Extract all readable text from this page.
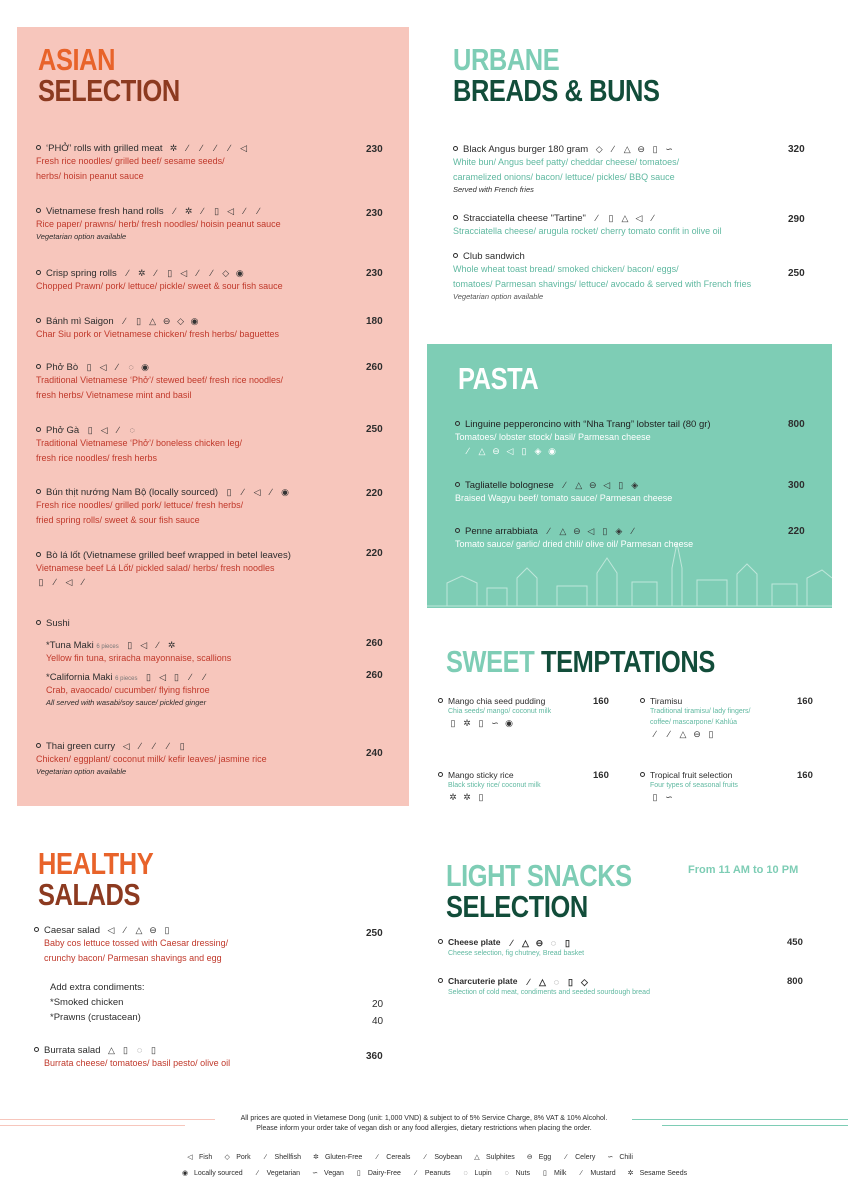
ASIAN
SELECTION
‘PHỞ’ rolls with grilled meat ✲ ∕ ∕ ∕ ∕ ◁
Fresh rice noodles/ grilled beef/ sesame seeds/
herbs/ hoisin peanut sauce
230
Vietnamese fresh hand rolls ∕ ✲ ∕ ▯ ◁ ∕ ∕
Rice paper/ prawns/ herb/ fresh noodles/ hoisin peanut sauce
Vegetarian option available
230
Crisp spring rolls ∕ ✲ ∕ ▯ ◁ ∕ ∕ ◇ ◉
Chopped Prawn/ pork/ lettuce/ pickle/ sweet & sour fish sauce
230
Bánh mì Saigon ∕ ▯ △ ⊖ ◇ ◉
Char Siu pork or Vietnamese chicken/ fresh herbs/ baguettes
180
Phở Bò ▯ ◁ ∕ ◌ ◉
Traditional Vietnamese ‘Phở’/ stewed beef/ fresh rice noodles/
fresh herbs/ Vietnamese mint and basil
260
Phở Gà ▯ ◁ ∕ ◌
Traditional Vietnamese ‘Phở’/ boneless chicken leg/
fresh rice noodles/ fresh herbs
250
Bún thịt nướng Nam Bộ (locally sourced) ▯ ∕ ◁ ∕ ◉
Fresh rice noodles/ grilled pork/ lettuce/ fresh herbs/
fried spring rolls/ sweet & sour fish sauce
220
Bò lá lốt (Vietnamese grilled beef wrapped in betel leaves)
Vietnamese beef Lá Lốt/ pickled salad/ herbs/ fresh noodles
▯ ∕ ◁ ∕
220
Sushi
*Tuna Maki 6 pieces ▯ ◁ ∕ ✲
Yellow fin tuna, sriracha mayonnaise, scallions
260
*California Maki 6 pieces ▯ ◁ ▯ ∕ ∕
Crab, avaocado/ cucumber/ flying fishroe
All served with wasabi/soy sauce/ pickled ginger
260
Thai green curry ◁ ∕ ∕ ∕ ▯
Chicken/ eggplant/ coconut milk/ kefir leaves/ jasmine rice
Vegetarian option available
240
URBANE
BREADS & BUNS
Black Angus burger 180 gram ◇ ∕ △ ⊖ ▯ ∽
White bun/ Angus beef patty/ cheddar cheese/ tomatoes/
caramelized onions/ bacon/ lettuce/ pickles/ BBQ sauce
Served with French fries
320
Stracciatella cheese "Tartine" ∕ ▯ △ ◁ ∕
Stracciatella cheese/ arugula rocket/ cherry tomato confit in olive oil
290
Club sandwich
Whole wheat toast bread/ smoked chicken/ bacon/ eggs/
tomatoes/ Parmesan shavings/ lettuce/ avocado & served with French fries
Vegetarian option available
250
PASTA
Linguine pepperoncino with “Nha Trang” lobster tail (80 gr)
Tomatoes/ lobster stock/ basil/ Parmesan cheese
∕ △ ⊖ ◁ ▯ ◈ ◉
800
Tagliatelle bolognese ∕ △ ⊖ ◁ ▯ ◈
Braised Wagyu beef/ tomato sauce/ Parmesan cheese
300
Penne arrabbiata ∕ △ ⊖ ◁ ▯ ◈ ∕
Tomato sauce/ garlic/ dried chili/ olive oil/ Parmesan cheese
220
SWEET TEMPTATIONS
Mango chia seed pudding
Chia seeds/ mango/ coconut milk
▯ ✲ ▯ ∽ ◉
160	Tiramisu
Traditional tiramisu/ lady fingers/
coffee/ mascarpone/ Kahlúa
∕ ∕ △ ⊖ ▯
160
Mango sticky rice
Black sticky rice/ coconut milk
✲ ✲ ▯
160	Tropical fruit selection
Four types of seasonal fruits
▯ ∽
160
HEALTHY
SALADS
Caesar salad ◁ ∕ △ ⊖ ▯
Baby cos lettuce tossed with Caesar dressing/
crunchy bacon/ Parmesan shavings and egg
250
Add extra condiments:
*Smoked chicken	20
*Prawns (crustacean)	40
Burrata salad △ ▯ ◌ ▯
Burrata cheese/ tomatoes/ basil pesto/ olive oil
360
LIGHT SNACKS
SELECTION
From 11 AM to 10 PM
Cheese plate ∕ △ ⊖ ◌ ▯
Cheese selection, fig chutney, Bread basket
450
Charcuterie plate ∕ △ ◌ ▯ ◇
Selection of cold meat, condiments and seeded sourdough bread
800
All prices are quoted in Vietamese Dong (unit: 1,000 VND) & subject to of 5% Service Charge, 8% VAT & 10% Alcohol.
Please inform your order take of vegan dish or any food allergies, dietary restrictions when placing the order.
◁ Fish ◇ Pork ∕ Shellfish ✲ Gluten-Free ∕ Cereals ∕ Soybean △ Sulphites ⊖ Egg ∕ Celery ∽ Chili
◉ Locally sourced ∕ Vegetarian ∽ Vegan ▯ Dairy-Free ∕ Peanuts ◌ Lupin ◌ Nuts ▯ Milk ∕ Mustard ✲ Sesame Seeds
